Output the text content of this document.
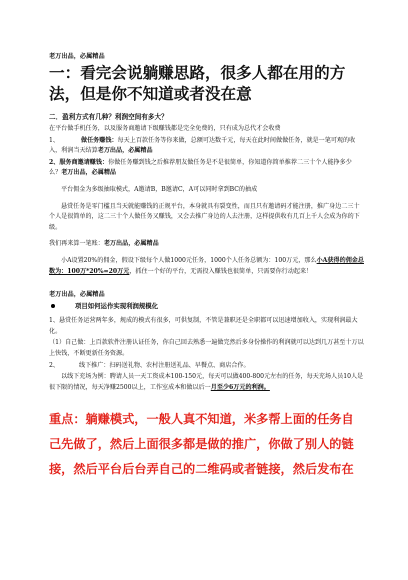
老万出品，必属精品
一：看完会说躺赚思路，很多人都在用的方法，但是你不知道或者没在意
二．盈利方式有几种？利润空间有多大？

在平台做手机任务，以及服务商邀请下级赚钱都是完全免费的，只有成为总代才会收费

1、	做任务赚钱：每天上百款任务等你来做，总额可达数千元，每天在此时间做做任务，就是一笔可观的收入，利润当天结算老万出品，必属精品

2、服务商邀请赚钱：你做任务赚到钱之后推荐朋友做任务是不是很简单，你知道你简单推荐二三十个人能挣多少么？老万出品，必属精品

平台佣金为多级抽取模式，A邀请B，B邀请C，A可以同时拿到BC的抽成

悬赏任务是零门槛且当天就能赚钱的正规平台，本身就具有裂变性，而且只有邀请码才能注册，推广身边二三十个人是很简单的，这二三十个人做任务又赚钱，又会去推广身边的人去注册，这样提供收有几百上千人会成为你的下级。

我们再来算一笔账：老万出品，必属精品

小A设置20%的佣金，假设下级每个人做1000元任务，1000个人任务总额为：100万元，那么小A获得的佣金总数为：100万*20%=20万元，抓住一个好的平台，无需投入赚钱也很简单，只需要你行动起来！

老万出品，必属精品
项目如何运作实现利润规模化

1、悬赏任务运营两年多，规成的模式有很多，可供复制，不管是兼职还是全职都可以迅速增加收入，实现利润最大化。

（1）自己做：上百款软件注册认证任务，你自己回去熟悉一遍做完然后多身份操作的利润就可以达到几万甚至十万以上快钱，不断更新任务资源。

2、	线下推广：扫码送礼物、农村注册送礼品、早餐点、商店合作。

以线下充场为例：聘请人员一天工资成本100-150元，每天可以做400-800元左右的任务，每天充场人员10人是很下限的情况，每天净赚2500以上，工作室成本和做以后一月至少6万元的利润。

重点：躺赚模式，一般人真不知道，米多帮上面的任务自己先做了，然后上面很多都是做的推广，你做了别人的链接，然后平台后台弄自己的二维码或者链接，然后发布在
